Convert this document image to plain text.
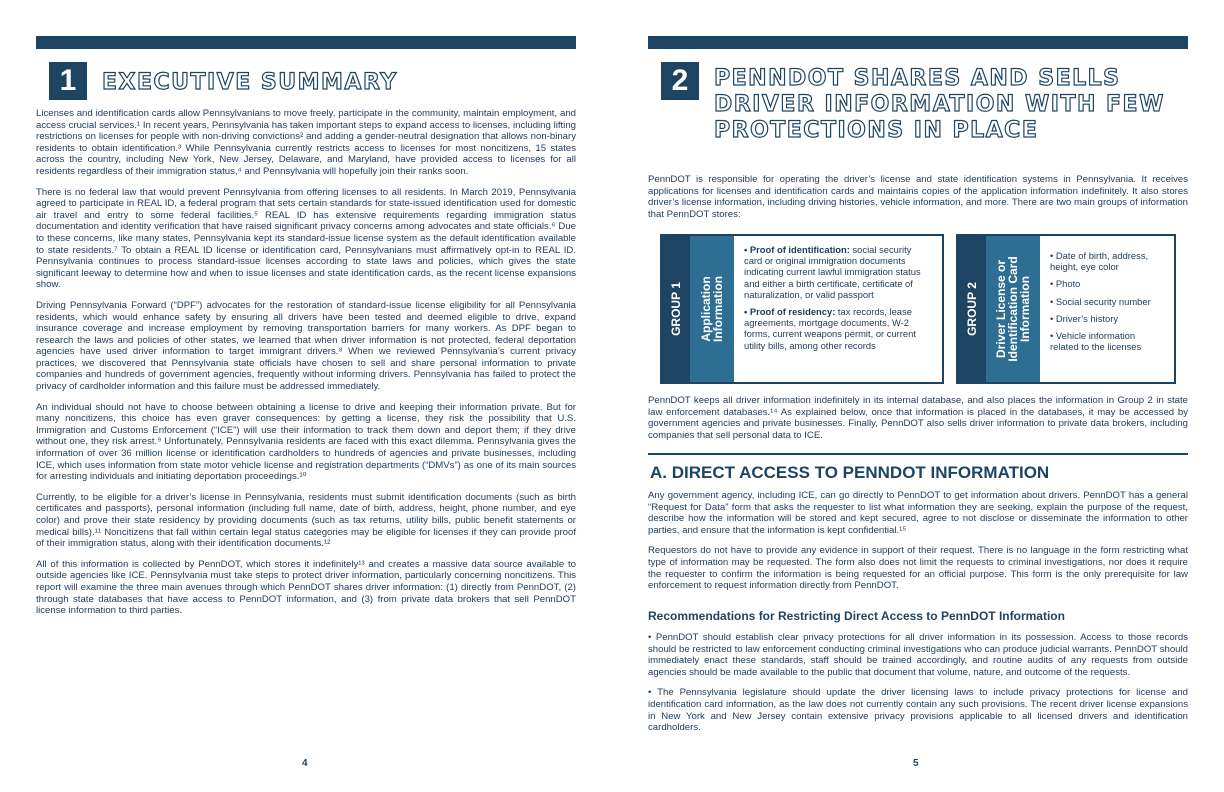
1	EXECUTIVE SUMMARY

Licenses and identification cards allow Pennsylvanians to move freely, participate in the community, maintain employment, and access crucial services.¹ In recent years, Pennsylvania has taken important steps to expand access to licenses, including lifting restrictions on licenses for people with non-driving convictions² and adding a gender-neutral designation that allows non-binary residents to obtain identification.³ While Pennsylvania currently restricts access to licenses for most noncitizens, 15 states across the country, including New York, New Jersey, Delaware, and Maryland, have provided access to licenses for all residents regardless of their immigration status,⁴ and Pennsylvania will hopefully join their ranks soon.

There is no federal law that would prevent Pennsylvania from offering licenses to all residents. In March 2019, Pennsylvania agreed to participate in REAL ID, a federal program that sets certain standards for state-issued identification used for domestic air travel and entry to some federal facilities.⁵ REAL ID has extensive requirements regarding immigration status documentation and identity verification that have raised significant privacy concerns among advocates and state officials.⁶ Due to these concerns, like many states, Pennsylvania kept its standard-issue license system as the default identification available to state residents.⁷ To obtain a REAL ID license or identification card, Pennsylvanians must affirmatively opt-in to REAL ID. Pennsylvania continues to process standard-issue licenses according to state laws and policies, which gives the state significant leeway to determine how and when to issue licenses and state identification cards, as the recent license expansions show.

Driving Pennsylvania Forward (“DPF”) advocates for the restoration of standard-issue license eligibility for all Pennsylvania residents, which would enhance safety by ensuring all drivers have been tested and deemed eligible to drive, expand insurance coverage and increase employment by removing transportation barriers for many workers. As DPF began to research the laws and policies of other states, we learned that when driver information is not protected, federal deportation agencies have used driver information to target immigrant drivers.⁸ When we reviewed Pennsylvania’s current privacy practices, we discovered that Pennsylvania state officials have chosen to sell and share personal information to private companies and hundreds of government agencies, frequently without informing drivers. Pennsylvania has failed to protect the privacy of cardholder information and this failure must be addressed immediately.

An individual should not have to choose between obtaining a license to drive and keeping their information private. But for many noncitizens, this choice has even graver consequences: by getting a license, they risk the possibility that U.S. Immigration and Customs Enforcement (“ICE”) will use their information to track them down and deport them; if they drive without one, they risk arrest.⁹ Unfortunately, Pennsylvania residents are faced with this exact dilemma. Pennsylvania gives the information of over 36 million license or identification cardholders to hundreds of agencies and private businesses, including ICE, which uses information from state motor vehicle license and registration departments (“DMVs”) as one of its main sources for arresting individuals and initiating deportation proceedings.¹⁰

Currently, to be eligible for a driver’s license in Pennsylvania, residents must submit identification documents (such as birth certificates and passports), personal information (including full name, date of birth, address, height, phone number, and eye color) and prove their state residency by providing documents (such as tax returns, utility bills, public benefit statements or medical bills).¹¹ Noncitizens that fall within certain legal status categories may be eligible for licenses if they can provide proof of their immigration status, along with their identification documents.¹²

All of this information is collected by PennDOT, which stores it indefinitely¹³ and creates a massive data source available to outside agencies like ICE. Pennsylvania must take steps to protect driver information, particularly concerning noncitizens. This report will examine the three main avenues through which PennDOT shares driver information: (1) directly from PennDOT, (2) through state databases that have access to PennDOT information, and (3) from private data brokers that sell PennDOT license information to third parties.

4
2	PENNDOT SHARES AND SELLS
DRIVER INFORMATION WITH FEW
PROTECTIONS IN PLACE
PennDOT is responsible for operating the driver’s license and state identification systems in Pennsylvania. It receives applications for licenses and identification cards and maintains copies of the application information indefinitely. It also stores driver’s license information, including driving histories, vehicle information, and more. There are two main groups of information that PennDOT stores:
GROUP 1 Application
Information
• Proof of identification: social security card or original immigration documents indicating current lawful immigration status and either a birth certificate, certificate of naturalization, or valid passport
• Proof of residency: tax records, lease agreements, mortgage documents, W-2 forms, current weapons permit, or current utility bills, among other records
GROUP 2 Driver License or
Identification Card
Information
• Date of birth, address, height, eye color
• Photo
• Social security number
• Driver’s history
• Vehicle information related to the licenses
PennDOT keeps all driver information indefinitely in its internal database, and also places the information in Group 2 in state law enforcement databases.¹⁴ As explained below, once that information is placed in the databases, it may be accessed by government agencies and private businesses. Finally, PennDOT also sells driver information to private data brokers, including companies that sell personal data to ICE.
A. DIRECT ACCESS TO PENNDOT INFORMATION

Any government agency, including ICE, can go directly to PennDOT to get information about drivers. PennDOT has a general “Request for Data” form that asks the requester to list what information they are seeking, explain the purpose of the request, describe how the information will be stored and kept secured, agree to not disclose or disseminate the information to other parties, and ensure that the information is kept confidential.¹⁵

Requestors do not have to provide any evidence in support of their request. There is no language in the form restricting what type of information may be requested. The form also does not limit the requests to criminal investigations, nor does it require the requester to confirm the information is being requested for an official purpose. This form is the only prerequisite for law enforcement to request information directly from PennDOT.

Recommendations for Restricting Direct Access to PennDOT Information

• PennDOT should establish clear privacy protections for all driver information in its possession. Access to those records should be restricted to law enforcement conducting criminal investigations who can produce judicial warrants. PennDOT should immediately enact these standards, staff should be trained accordingly, and routine audits of any requests from outside agencies should be made available to the public that document that volume, nature, and outcome of the requests.

• The Pennsylvania legislature should update the driver licensing laws to include privacy protections for license and identification card information, as the law does not currently contain any such provisions. The recent driver license expansions in New York and New Jersey contain extensive privacy provisions applicable to all licensed drivers and identification cardholders.

5
